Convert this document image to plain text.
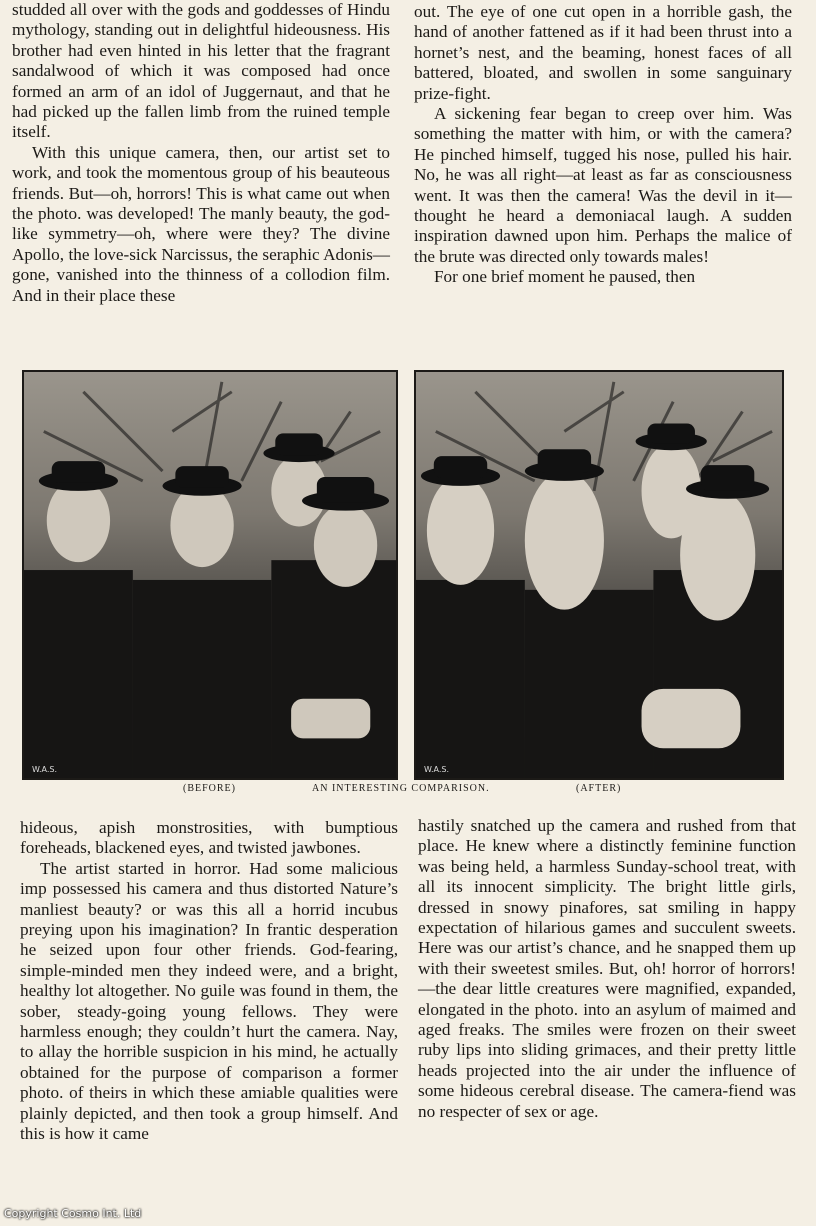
studded all over with the gods and goddesses of Hindu mythology, standing out in delightful hideousness. His brother had even hinted in his letter that the fragrant sandalwood of which it was composed had once formed an arm of an idol of Juggernaut, and that he had picked up the fallen limb from the ruined temple itself.

With this unique camera, then, our artist set to work, and took the momentous group of his beauteous friends. But—oh, horrors! This is what came out when the photo. was developed! The manly beauty, the god-like symmetry—oh, where were they? The divine Apollo, the love-sick Narcissus, the seraphic Adonis—gone, vanished into the thinness of a collodion film. And in their place these

out. The eye of one cut open in a horrible gash, the hand of another fattened as if it had been thrust into a hornet’s nest, and the beaming, honest faces of all battered, bloated, and swollen in some sanguinary prize-fight.

A sickening fear began to creep over him. Was something the matter with him, or with the camera? He pinched himself, tugged his nose, pulled his hair. No, he was all right—at least as far as consciousness went. It was then the camera! Was the devil in it—thought he heard a demoniacal laugh. A sudden inspiration dawned upon him. Perhaps the malice of the brute was directed only towards males!

For one brief moment he paused, then

W.A.S.	W.A.S.
(BEFORE)	AN INTERESTING COMPARISON.	(AFTER)

hideous, apish monstrosities, with bumptious foreheads, blackened eyes, and twisted jawbones.

The artist started in horror. Had some malicious imp possessed his camera and thus distorted Nature’s manliest beauty? or was this all a horrid incubus preying upon his imagination? In frantic desperation he seized upon four other friends. God-fearing, simple-minded men they indeed were, and a bright, healthy lot altogether. No guile was found in them, the sober, steady-going young fellows. They were harmless enough; they couldn’t hurt the camera. Nay, to allay the horrible suspicion in his mind, he actually obtained for the purpose of comparison a former photo. of theirs in which these amiable qualities were plainly depicted, and then took a group himself. And this is how it came

hastily snatched up the camera and rushed from that place. He knew where a distinctly feminine function was being held, a harmless Sunday-school treat, with all its innocent simplicity. The bright little girls, dressed in snowy pinafores, sat smiling in happy expectation of hilarious games and succulent sweets. Here was our artist’s chance, and he snapped them up with their sweetest smiles. But, oh! horror of horrors!—the dear little creatures were magnified, expanded, elongated in the photo. into an asylum of maimed and aged freaks. The smiles were frozen on their sweet ruby lips into sliding grimaces, and their pretty little heads projected into the air under the influence of some hideous cerebral disease. The camera-fiend was no respecter of sex or age.

Copyright Cosmo Int. Ltd
